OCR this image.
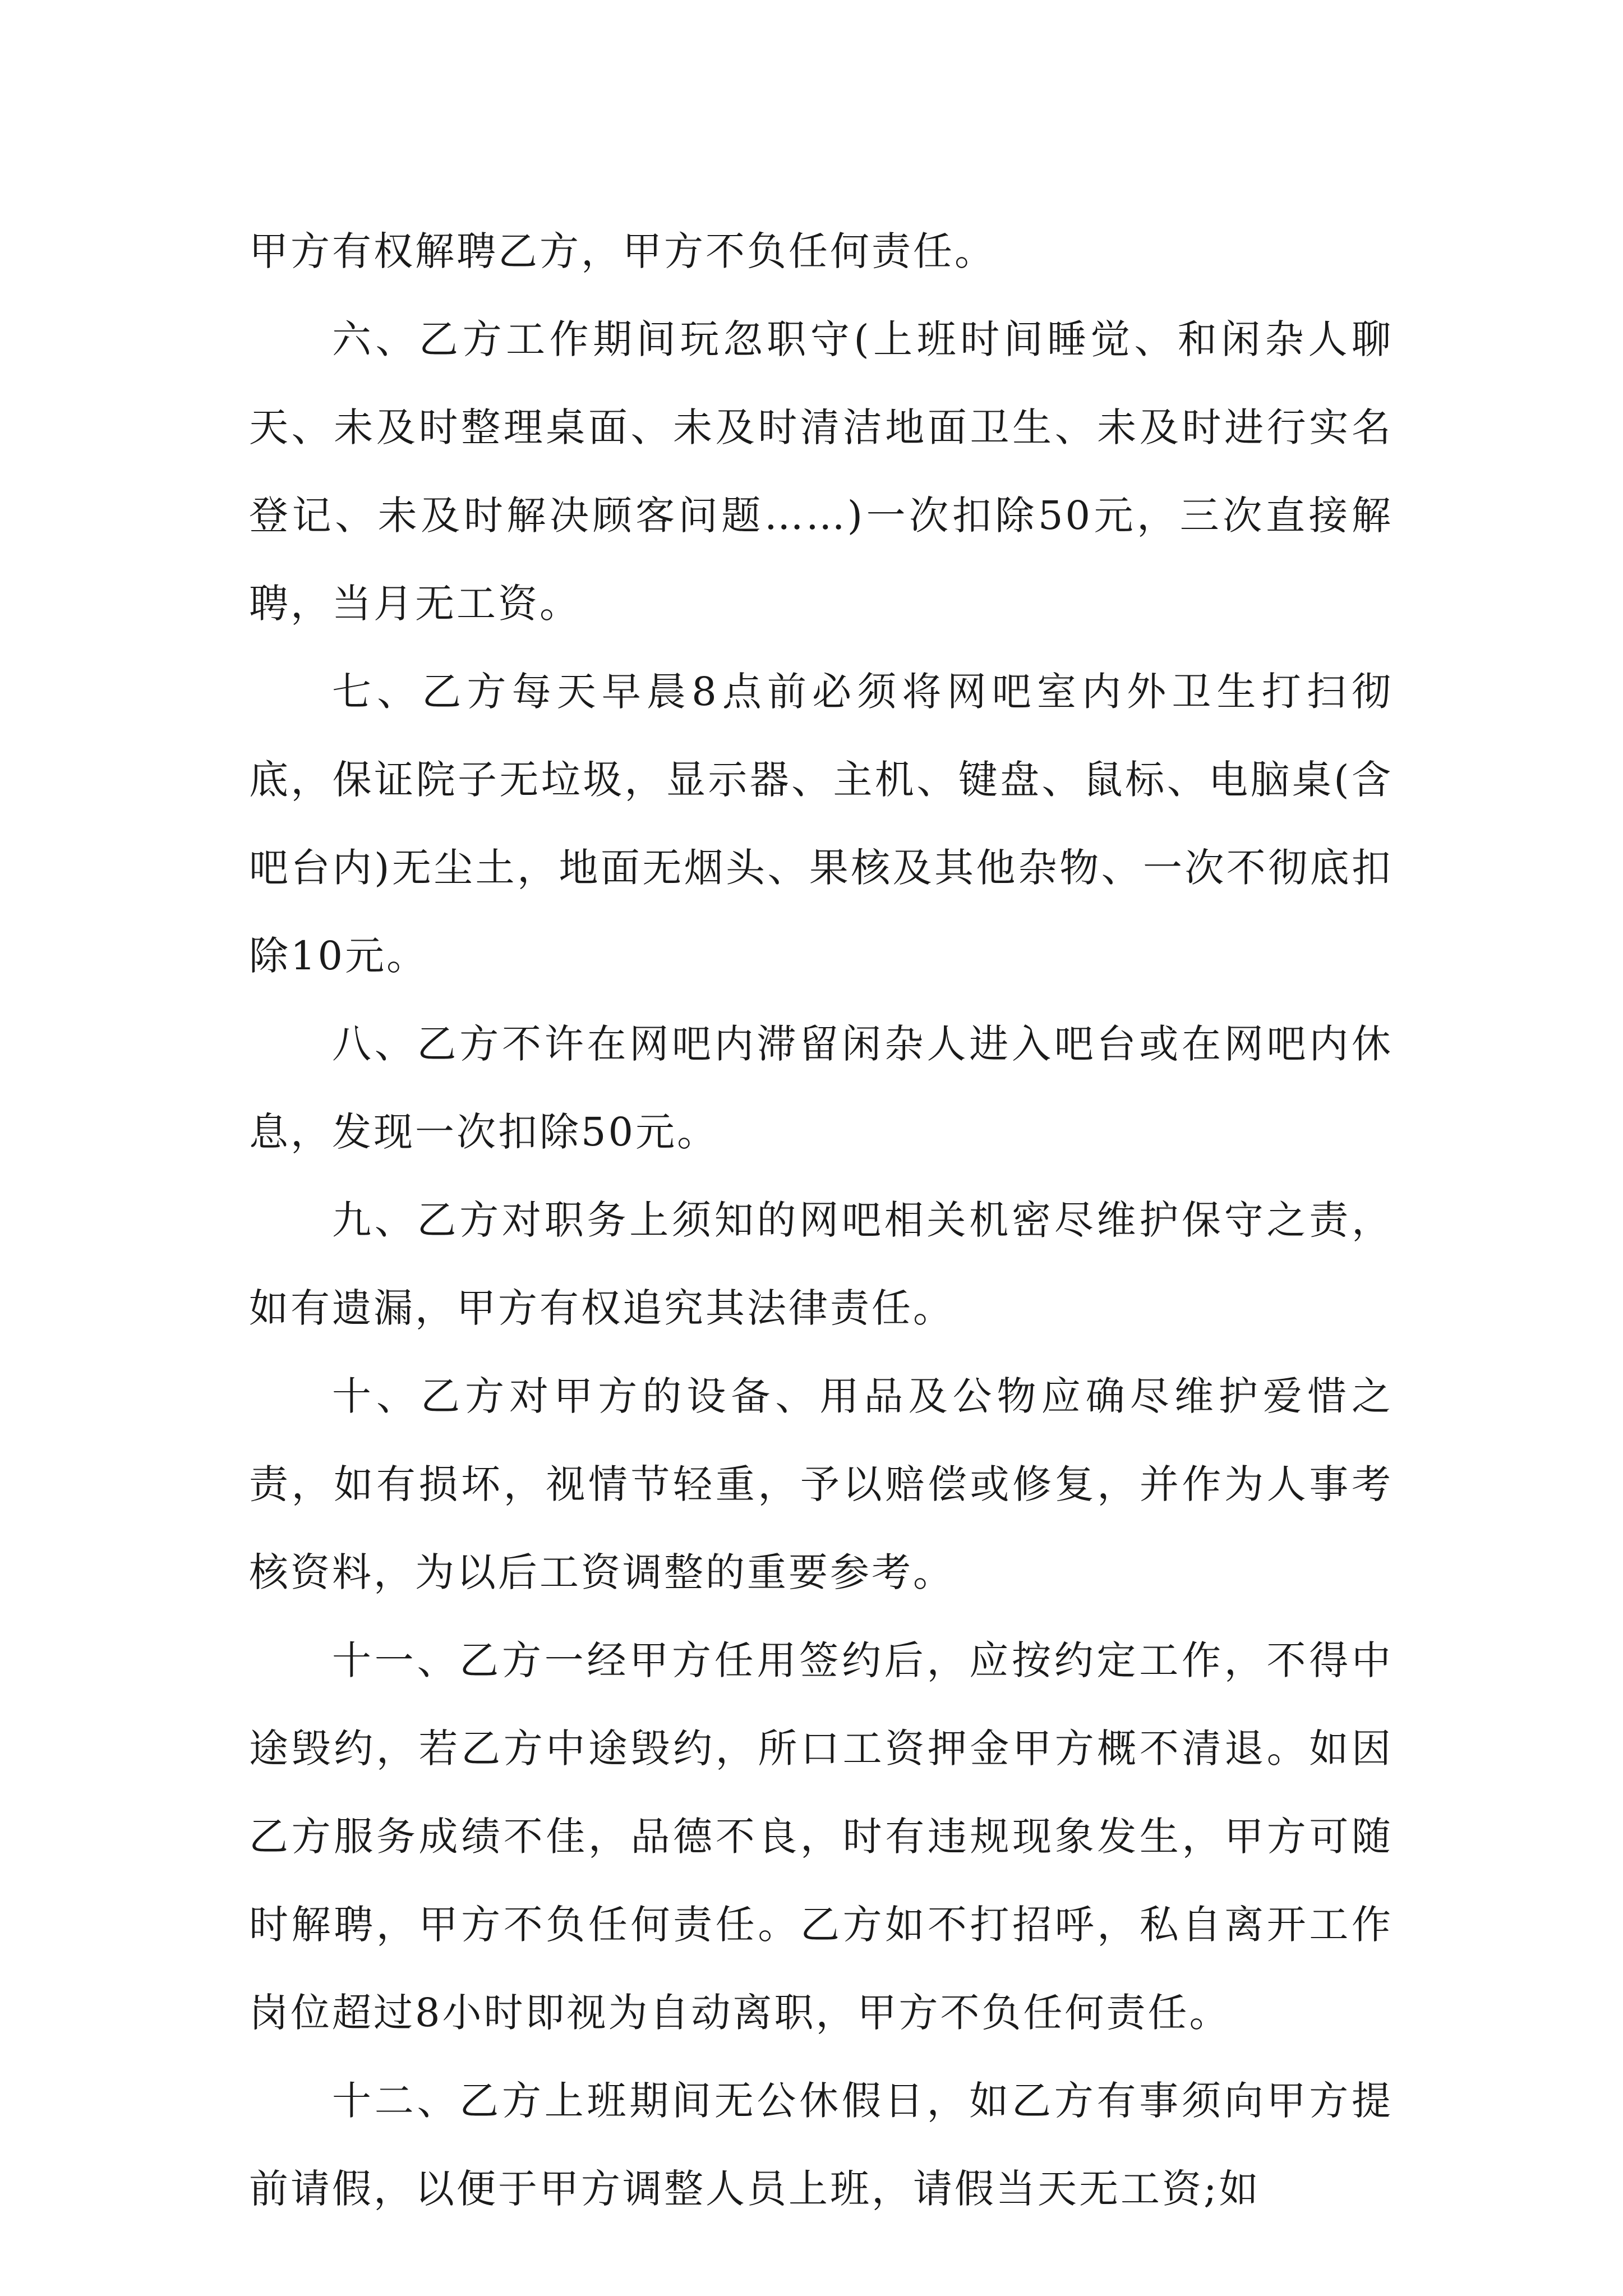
甲方有权解聘乙方，甲方不负任何责任。

六、乙方工作期间玩忽职守(上班时间睡觉、和闲杂人聊天、未及时整理桌面、未及时清洁地面卫生、未及时进行实名登记、未及时解决顾客问题……)一次扣除50元，三次直接解聘，当月无工资。

七、乙方每天早晨8点前必须将网吧室内外卫生打扫彻底，保证院子无垃圾，显示器、主机、键盘、鼠标、电脑桌(含吧台内)无尘土，地面无烟头、果核及其他杂物、一次不彻底扣除10元。

八、乙方不许在网吧内滞留闲杂人进入吧台或在网吧内休息，发现一次扣除50元。

九、乙方对职务上须知的网吧相关机密尽维护保守之责，如有遗漏，甲方有权追究其法律责任。

十、乙方对甲方的设备、用品及公物应确尽维护爱惜之责，如有损坏，视情节轻重，予以赔偿或修复，并作为人事考核资料，为以后工资调整的重要参考。

十一、乙方一经甲方任用签约后，应按约定工作，不得中途毁约，若乙方中途毁约，所口工资押金甲方概不清退。如因乙方服务成绩不佳，品德不良，时有违规现象发生，甲方可随时解聘，甲方不负任何责任。乙方如不打招呼，私自离开工作岗位超过8小时即视为自动离职，甲方不负任何责任。

十二、乙方上班期间无公休假日，如乙方有事须向甲方提前请假，以便于甲方调整人员上班，请假当天无工资;如
